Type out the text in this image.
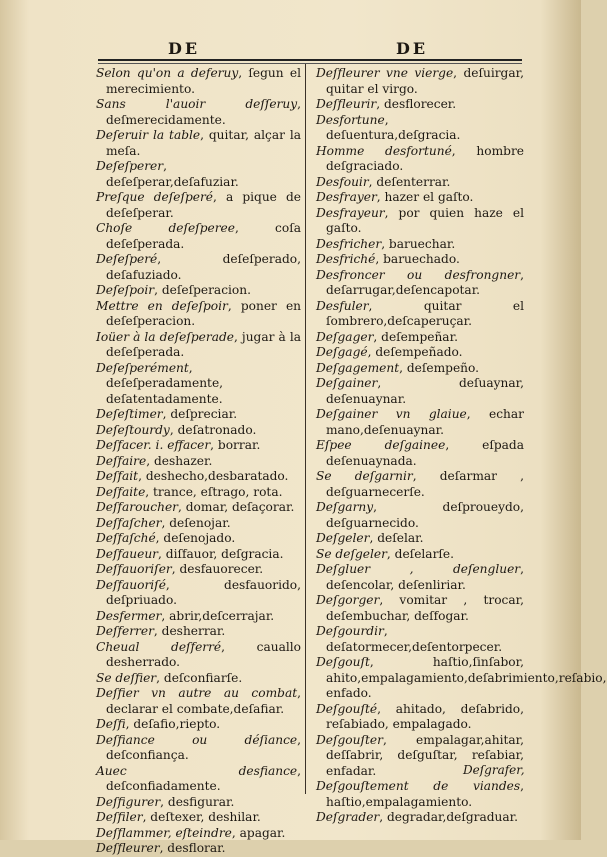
DE	DE

Selon qu'on a deferuy, ſegun el merecimiento.

Sans l'auoir deſſeruy, deſmerecidamente.

Deſeruir la table, quitar, alçar la meſa.

Deſeſperer, deſeſperar,deſafuziar.

Preſque deſeſperé, a pique de deſeſperar.

Choſe deſeſperee, coſa deſeſperada.

Deſeſperé, deſeſperado, deſafuziado.

Deſeſpoir, deſeſperacion.

Mettre en deſeſpoir, poner en deſeſperacion.

Ioüer à la deſeſperade, jugar à la deſeſperada.

Deſeſperément, deſeſperadamente, deſatentadamente.

Deſeſtimer, deſpreciar.

Deſeſtourdy, deſatronado.

Deſfacer. i. effacer, borrar.

Deſfaire, deshazer.

Deſfait, deshecho,desbaratado.

Deſfaite, trance, eſtrago, rota.

Deſfaroucher, domar, deſaçorar.

Deſfaſcher, deſenojar.

Deſfaſché, deſenojado.

Deſfaueur, diſfauor, deſgracia.

Deſfauoriſer, desfauorecer.

Deſfauoriſé, desfauorido, deſpriuado.

Desfermer, abrir,deſcerrajar.

Deſferrer, desherrar.

Cheual deſferré, cauallo desherrado.

Se deſfier, deſconfiarſe.

Deſfier vn autre au combat, declarar el combate,deſafiar.

Deſfi, deſafio,riepto.

Deſfiance ou déſiance, deſconfiança.

Auec desfiance, deſconfiadamente.

Deſfigurer, desfigurar.

Deſfiler, deſtexer, deshilar.

Deſflammer, eſteindre, apagar.

Deſfleurer, desflorar.

Deſfleurer vne vierge, deſuirgar, quitar el virgo.

Deſfleurir, desflorecer.

Desfortune, deſuentura,deſgracia.

Homme desfortuné, hombre deſgraciado.

Desfouir, deſenterrar.

Desfrayer, hazer el gaſto.

Desfrayeur, por quien haze el gaſto.

Desfricher, baruechar.

Desfriché, baruechado.

Desfroncer ou desfrongner, deſarrugar,deſencapotar.

Desfuler, quitar el ſombrero,deſcaperuçar.

Deſgager, deſempeñar.

Deſgagé, deſempeñado.

Deſgagement, deſempeño.

Deſgainer, deſuaynar, deſenuaynar.

Deſgainer vn glaiue, echar mano,deſenuaynar.

Eſpee deſgainee, eſpada deſenuaynada.

Se deſgarnir, deſarmar , deſguarnecerſe.

Deſgarny, deſproueydo, deſguarnecido.

Deſgeler, deſelar.

Se deſgeler, deſelarſe.

Deſgluer , deſengluer, deſencolar, deſenliriar.

Deſgorger, vomitar , trocar, deſembuchar, deſfogar.

Deſgourdir, deſatormecer,deſentorpecer.

Deſgouſt, haſtio,ſinſabor, ahito,empalagamiento,deſabrimiento,reſabio, enfado.

Deſgouſté, ahitado, deſabrido, reſabiado, empalagado.

Deſgouſter, empalagar,ahitar, deſſabrir, deſguſtar, reſabiar, enfadar.

Deſgouſtement de viandes, haſtio,empalagamiento.

Deſgrader, degradar,deſgraduar.

Deſgrafer,
